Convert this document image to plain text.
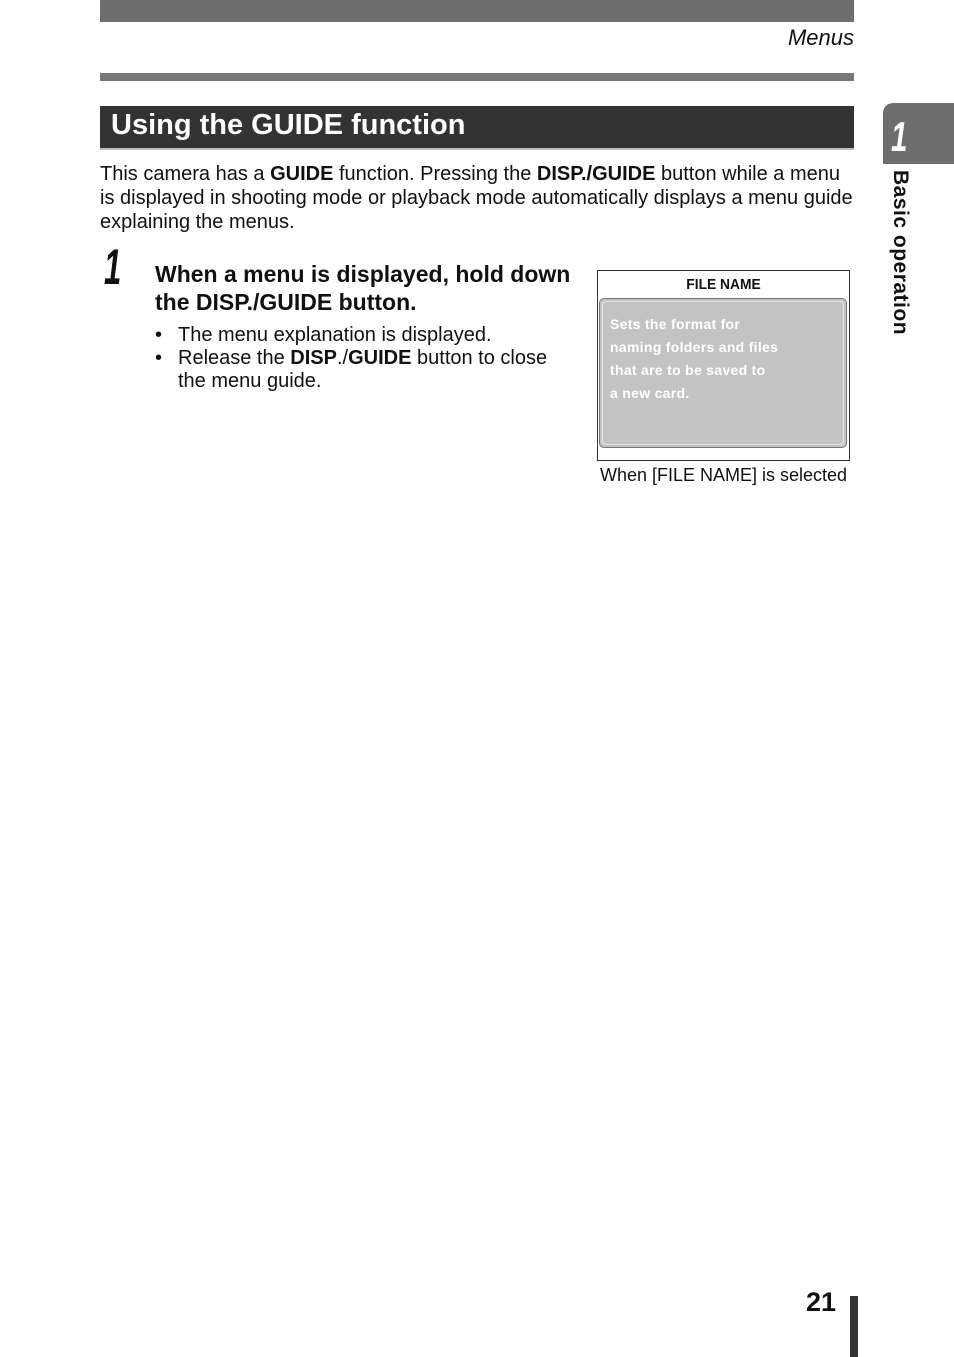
Menus
Using the GUIDE function
This camera has a GUIDE function. Pressing the DISP./GUIDE button while a menu is displayed in shooting mode or playback mode automatically displays a menu guide explaining the menus.
1 When a menu is displayed, hold down the DISP./GUIDE button.
• The menu explanation is displayed.
• Release the DISP./GUIDE button to close the menu guide.
FILE NAME
Sets the format for
naming folders and files
that are to be saved to
a new card.
When [FILE NAME] is selected
1
Basic operation
21
